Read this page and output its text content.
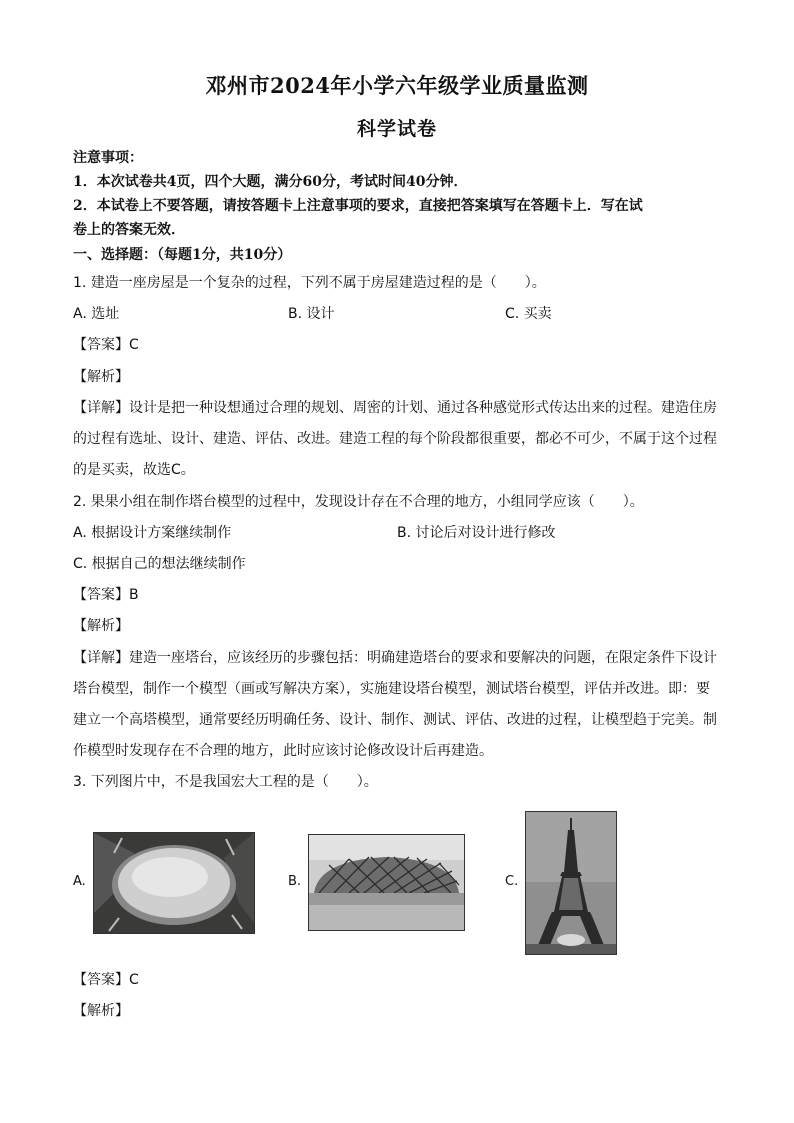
邓州市2024年小学六年级学业质量监测
科学试卷
注意事项：
1．本次试卷共4页，四个大题，满分60分，考试时间40分钟．
2．本试卷上不要答题，请按答题卡上注意事项的要求，直接把答案填写在答题卡上．写在试
卷上的答案无效．
一、选择题：（每题1分，共10分）
1. 建造一座房屋是一个复杂的过程，下列不属于房屋建造过程的是（　　）。
A. 选址	B. 设计	C. 买卖
【答案】C
【解析】
【详解】设计是把一种设想通过合理的规划、周密的计划、通过各种感觉形式传达出来的过程。建造住房
的过程有选址、设计、建造、评估、改进。建造工程的每个阶段都很重要，都必不可少，不属于这个过程
的是买卖，故选C。
2. 果果小组在制作塔台模型的过程中，发现设计存在不合理的地方，小组同学应该（　　）。
A. 根据设计方案继续制作	B. 讨论后对设计进行修改
C. 根据自己的想法继续制作
【答案】B
【解析】
【详解】建造一座塔台，应该经历的步骤包括：明确建造塔台的要求和要解决的问题，在限定条件下设计
塔台模型，制作一个模型（画或写解决方案），实施建设塔台模型，测试塔台模型，评估并改进。即：要
建立一个高塔模型，通常要经历明确任务、设计、制作、测试、评估、改进的过程，让模型趋于完美。制
作模型时发现存在不合理的地方，此时应该讨论修改设计后再建造。
3. 下列图片中，不是我国宏大工程的是（　　）。
A.	B.	C.
【答案】C
【解析】
